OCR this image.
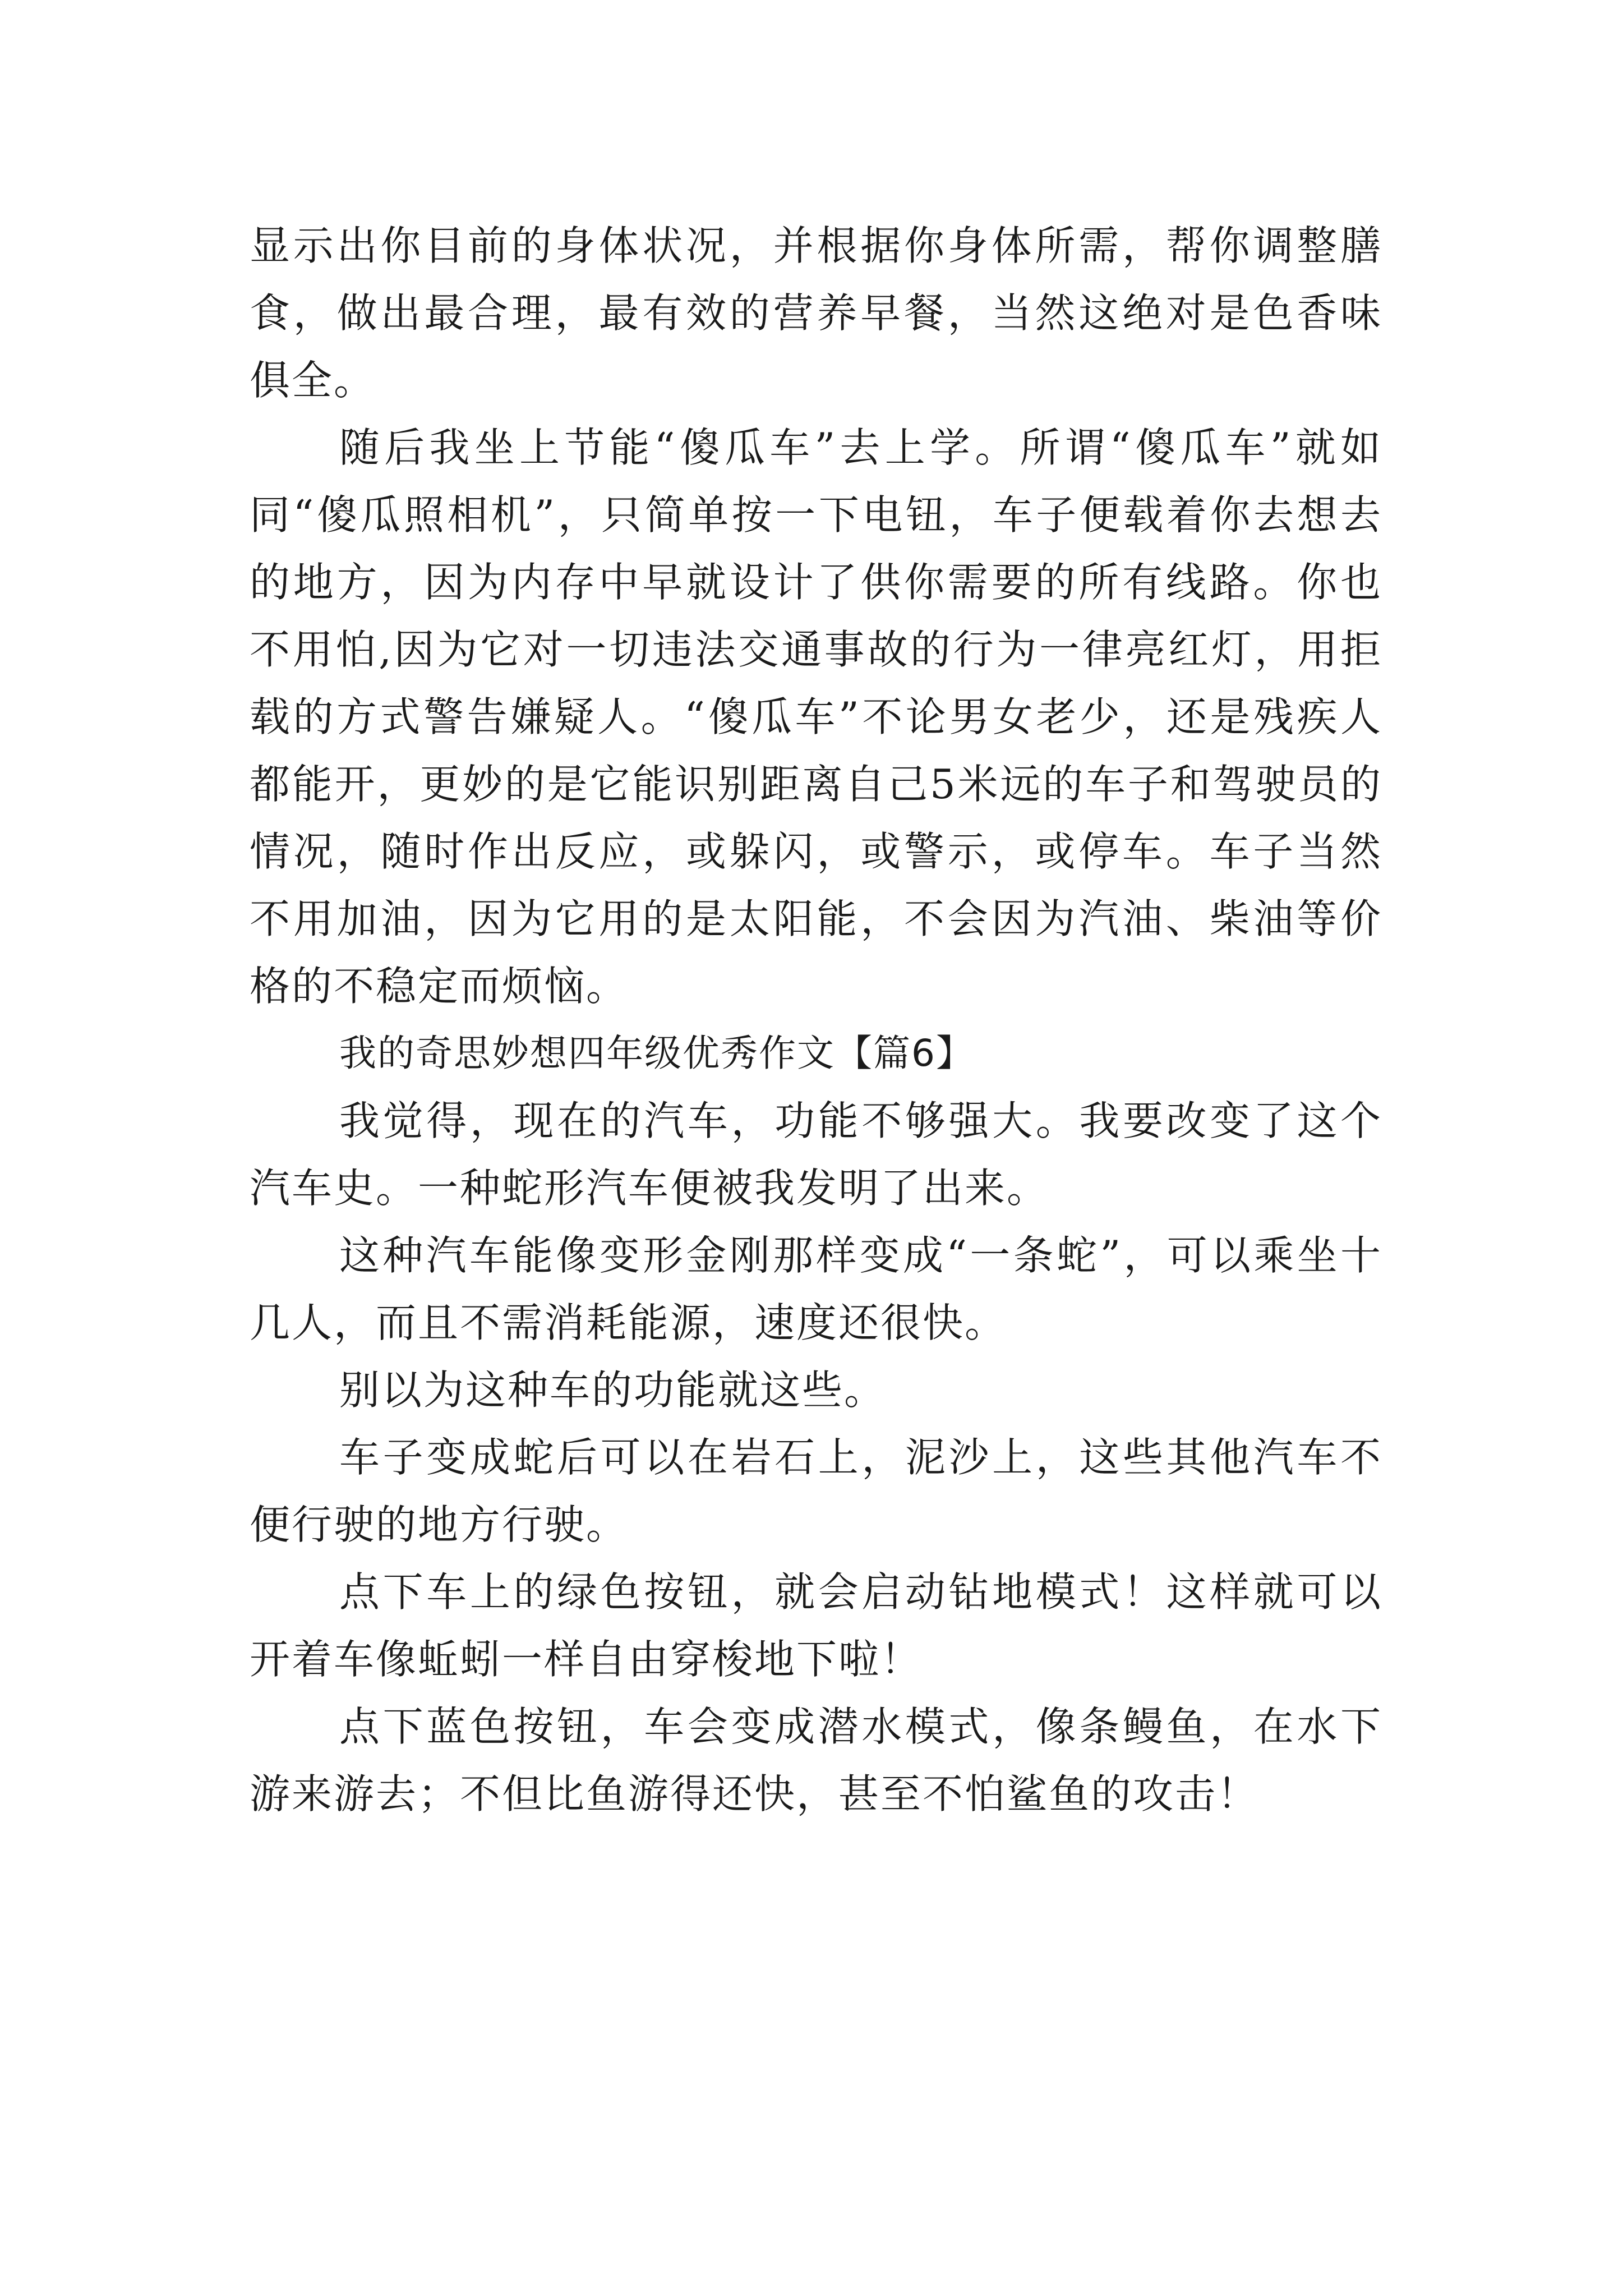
显示出你目前的身体状况，并根据你身体所需，帮你调整膳食，做出最合理，最有效的营养早餐，当然这绝对是色香味俱全。

随后我坐上节能“傻瓜车”去上学。所谓“傻瓜车”就如同“傻瓜照相机”，只简单按一下电钮，车子便载着你去想去的地方，因为内存中早就设计了供你需要的所有线路。你也不用怕,因为它对一切违法交通事故的行为一律亮红灯，用拒载的方式警告嫌疑人。“傻瓜车”不论男女老少，还是残疾人都能开，更妙的是它能识别距离自己5米远的车子和驾驶员的情况，随时作出反应，或躲闪，或警示，或停车。车子当然不用加油，因为它用的是太阳能，不会因为汽油、柴油等价格的不稳定而烦恼。

我的奇思妙想四年级优秀作文【篇6】

我觉得，现在的汽车，功能不够强大。我要改变了这个汽车史。一种蛇形汽车便被我发明了出来。

这种汽车能像变形金刚那样变成“一条蛇”，可以乘坐十几人，而且不需消耗能源，速度还很快。

别以为这种车的功能就这些。

车子变成蛇后可以在岩石上，泥沙上，这些其他汽车不便行驶的地方行驶。

点下车上的绿色按钮，就会启动钻地模式！这样就可以开着车像蚯蚓一样自由穿梭地下啦！

点下蓝色按钮，车会变成潜水模式，像条鳗鱼，在水下游来游去；不但比鱼游得还快，甚至不怕鲨鱼的攻击！
